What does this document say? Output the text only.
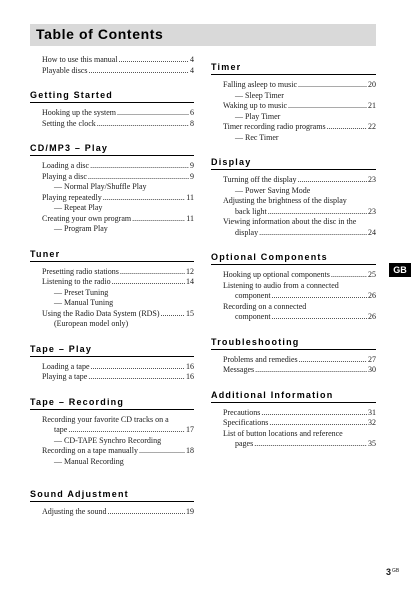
Table of Contents
How to use this manual .....	4
Playable discs .....	4
Getting Started
Hooking up the system .....	6
Setting the clock .....	8
CD/MP3 – Play
Loading a disc .....	9
Playing a disc .....	9
— Normal Play/Shuffle Play
Playing repeatedly .....	11
— Repeat Play
Creating your own program .....	11
— Program Play
Tuner
Presetting radio stations .....	12
Listening to the radio .....	14
— Preset Tuning
— Manual Tuning
Using the Radio Data System (RDS) .....	15
(European model only)
Tape – Play
Loading a tape .....	16
Playing a tape .....	16
Tape – Recording
Recording your favorite CD tracks on a
tape .....	17
— CD-TAPE Synchro Recording
Recording on a tape manually .....	18
— Manual Recording
Sound Adjustment
Adjusting the sound .....	19
Timer
Falling asleep to music .....	20
— Sleep Timer
Waking up to music .....	21
— Play Timer
Timer recording radio programs .....	22
— Rec Timer
Display
Turning off the display .....	23
— Power Saving Mode
Adjusting the brightness of the display
back light .....	23
Viewing information about the disc in the
display .....	24
Optional Components
Hooking up optional components .....	25
Listening to audio from a connected
component .....	26
Recording on a connected
component .....	26
Troubleshooting
Problems and remedies .....	27
Messages .....	30
Additional Information
Precautions .....	31
Specifications .....	32
List of button locations and reference
pages .....	35
GB
$3^{GB}$
